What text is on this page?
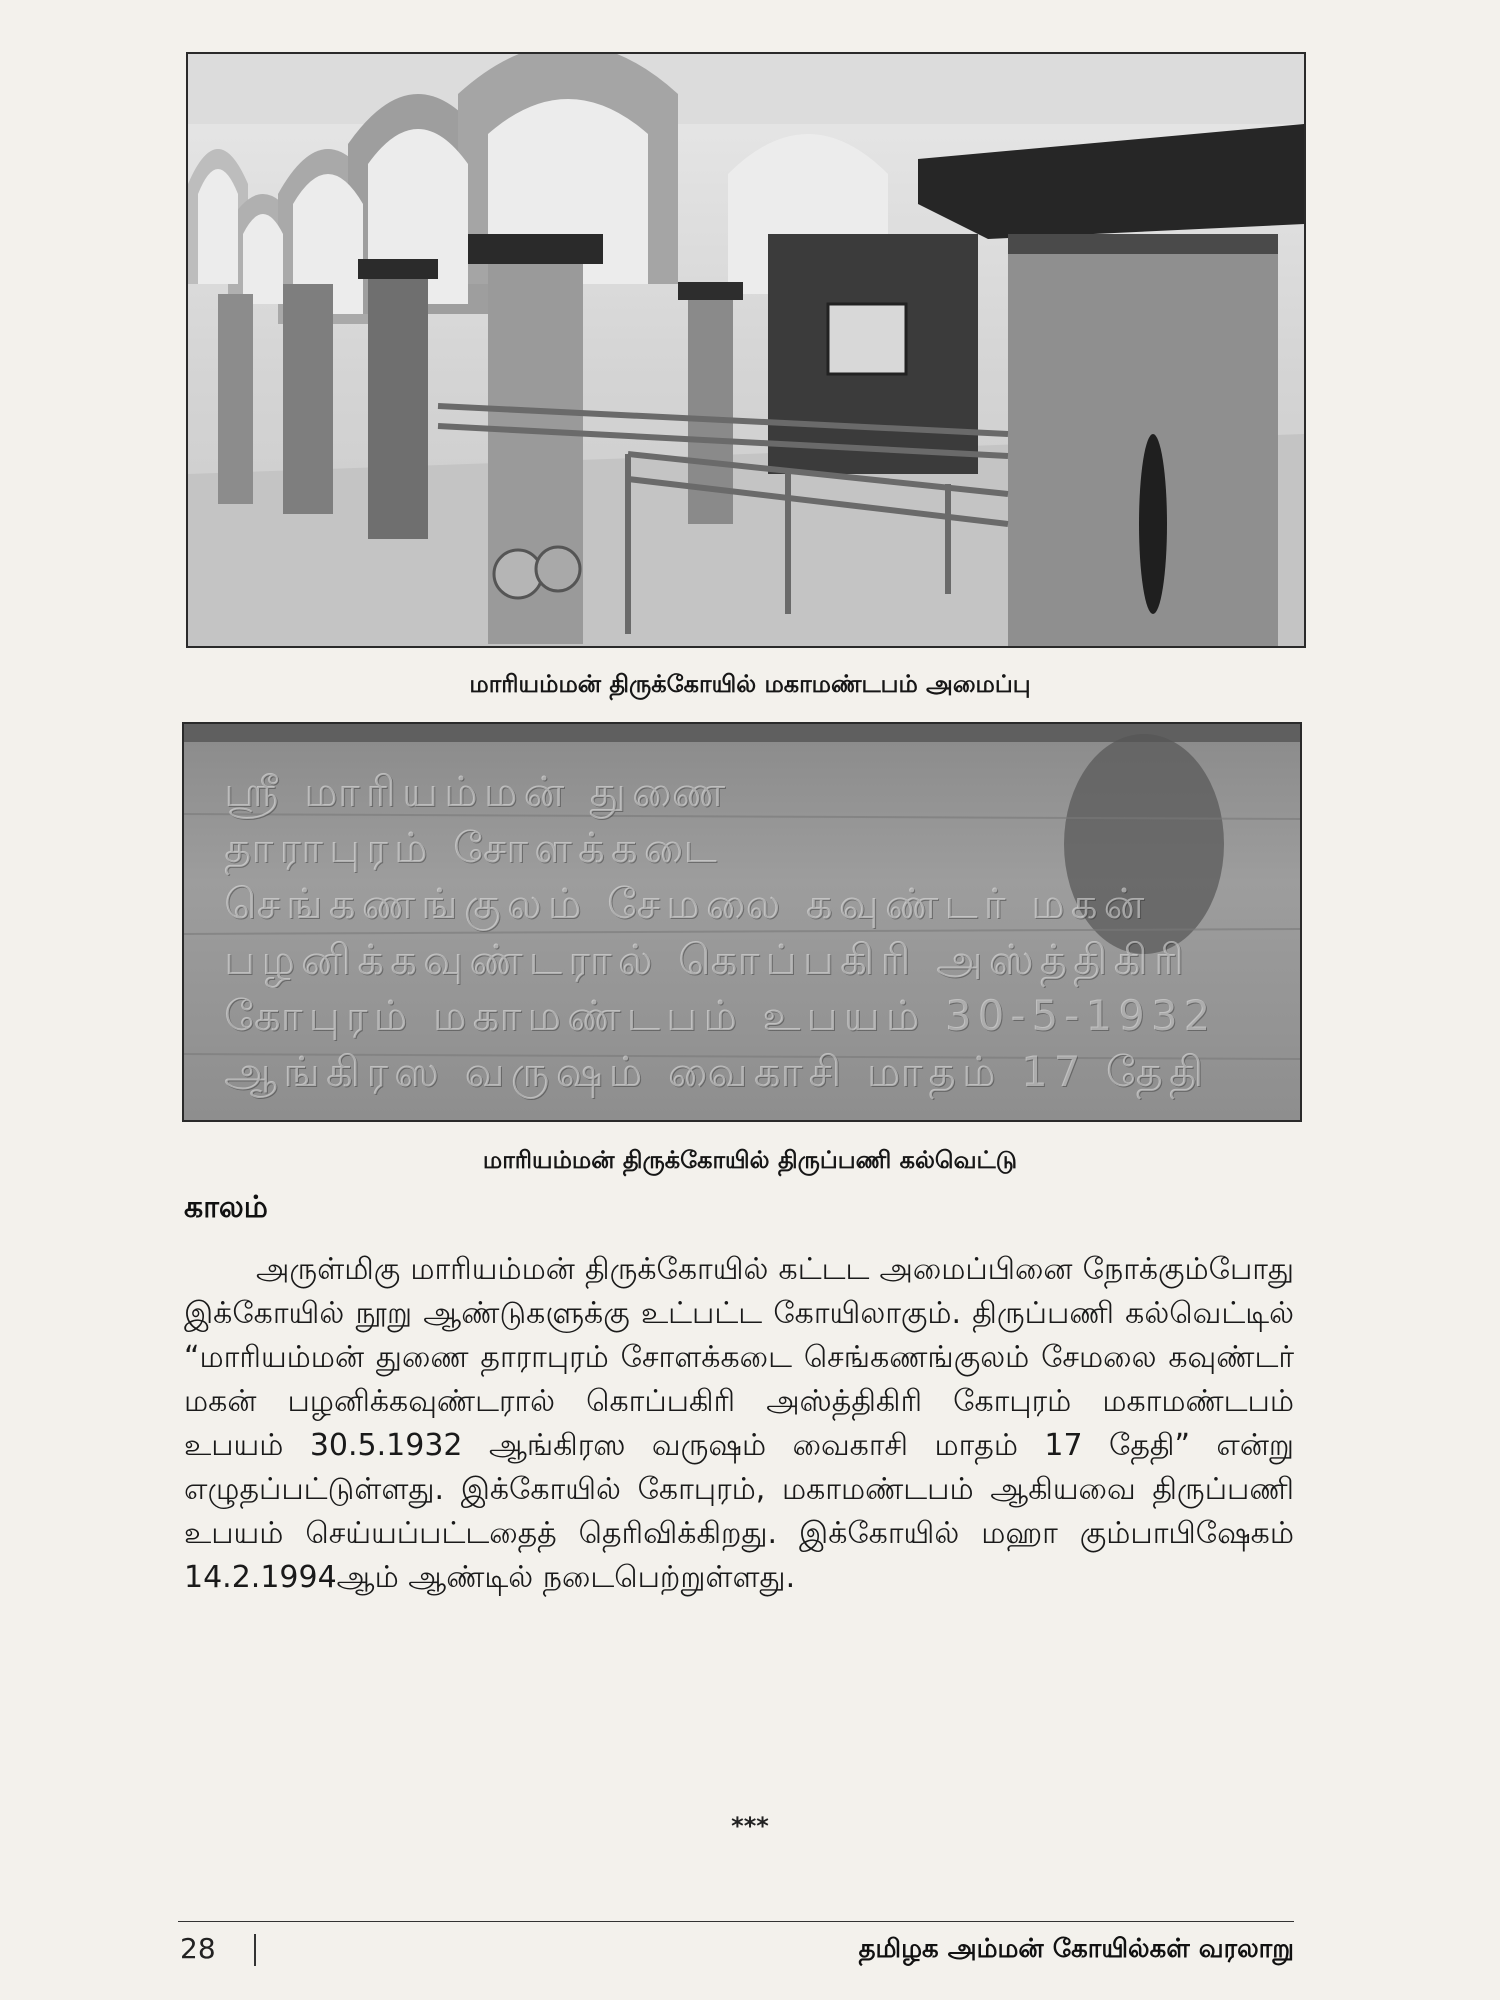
மாரியம்மன் திருக்கோயில் மகாமண்டபம் அமைப்பு
ஸ்ரீ மாரியம்மன் துணை
தாராபுரம் சோளக்கடை
செங்கணங்குலம் சேமலை கவுண்டர் மகன்
பழனிக்கவுண்டரால் கொப்பகிரி அஸ்த்திகிரி
கோபுரம் மகாமண்டபம் உபயம் 30-5-1932
ஆங்கிரஸ வருஷம் வைகாசி மாதம் 17 தேதி
மாரியம்மன் திருக்கோயில் திருப்பணி கல்வெட்டு
காலம்
அருள்மிகு மாரியம்மன் திருக்கோயில் கட்டட அமைப்பினை நோக்கும்போது இக்கோயில் நூறு ஆண்டுகளுக்கு உட்பட்ட கோயிலாகும். திருப்பணி கல்வெட்டில் “மாரியம்மன் துணை தாராபுரம் சோளக்கடை செங்கணங்குலம் சேமலை கவுண்டர் மகன் பழனிக்கவுண்டரால் கொப்பகிரி அஸ்த்திகிரி கோபுரம் மகாமண்டபம் உபயம் 30.5.1932 ஆங்கிரஸ வருஷம் வைகாசி மாதம் 17 தேதி” என்று எழுதப்பட்டுள்ளது. இக்கோயில் கோபுரம், மகாமண்டபம் ஆகியவை திருப்பணி உபயம் செய்யப்பட்டதைத் தெரிவிக்கிறது. இக்கோயில் மஹா கும்பாபிஷேகம் 14.2.1994ஆம் ஆண்டில் நடைபெற்றுள்ளது.
***
28	தமிழக அம்மன் கோயில்கள் வரலாறு
